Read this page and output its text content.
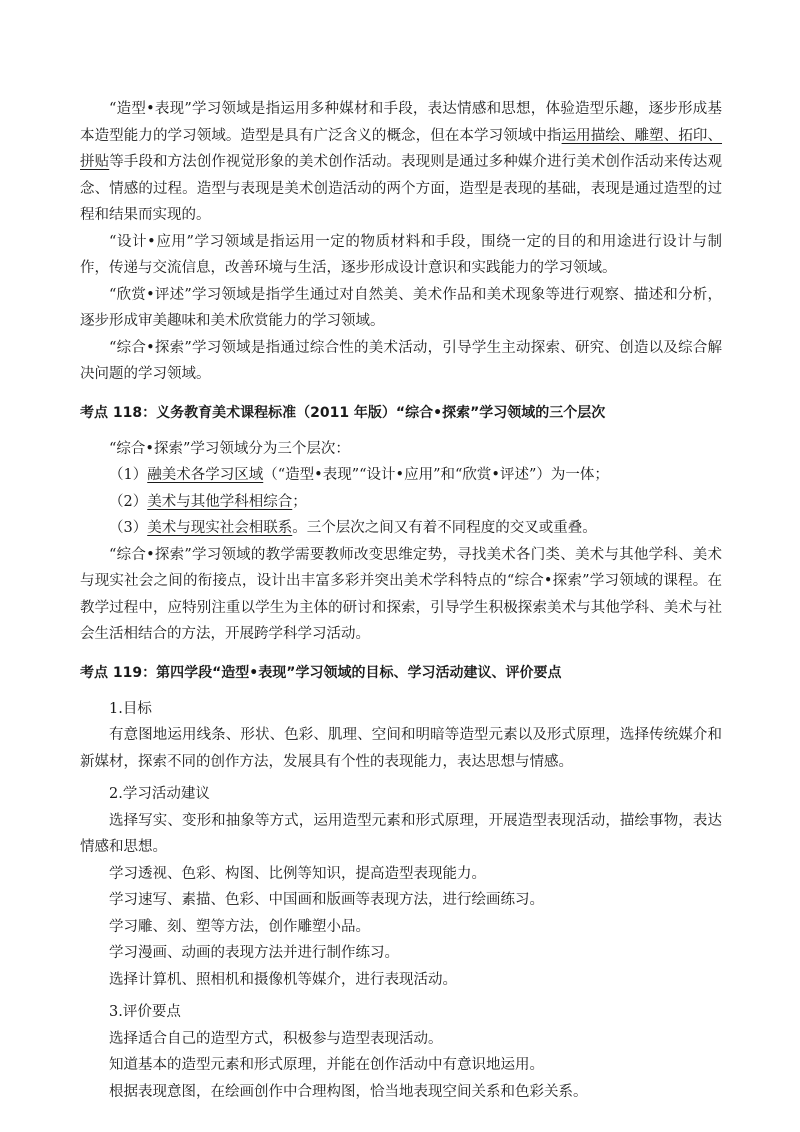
“造型•表现”学习领域是指运用多种媒材和手段，表达情感和思想，体验造型乐趣，逐步形成基本造型能力的学习领域。造型是具有广泛含义的概念，但在本学习领域中指运用描绘、雕塑、拓印、拼贴等手段和方法创作视觉形象的美术创作活动。表现则是通过多种媒介进行美术创作活动来传达观念、情感的过程。造型与表现是美术创造活动的两个方面，造型是表现的基础，表现是通过造型的过程和结果而实现的。

“设计•应用”学习领域是指运用一定的物质材料和手段，围绕一定的目的和用途进行设计与制作，传递与交流信息，改善环境与生活，逐步形成设计意识和实践能力的学习领域。

“欣赏•评述”学习领域是指学生通过对自然美、美术作品和美术现象等进行观察、描述和分析，逐步形成审美趣味和美术欣赏能力的学习领域。

“综合•探索”学习领域是指通过综合性的美术活动，引导学生主动探索、研究、创造以及综合解决问题的学习领域。

考点 118：义务教育美术课程标准（2011 年版）“综合•探索”学习领域的三个层次

“综合•探索”学习领域分为三个层次：

（1）融美术各学习区域（“造型•表现”“设计•应用”和“欣赏•评述”）为一体；

（2）美术与其他学科相综合；

（3）美术与现实社会相联系。三个层次之间又有着不同程度的交叉或重叠。

“综合•探索”学习领域的教学需要教师改变思维定势，寻找美术各门类、美术与其他学科、美术与现实社会之间的衔接点，设计出丰富多彩并突出美术学科特点的“综合•探索”学习领域的课程。在教学过程中，应特别注重以学生为主体的研讨和探索，引导学生积极探索美术与其他学科、美术与社会生活相结合的方法，开展跨学科学习活动。

考点 119：第四学段“造型•表现”学习领域的目标、学习活动建议、评价要点

1.目标

有意图地运用线条、形状、色彩、肌理、空间和明暗等造型元素以及形式原理，选择传统媒介和新媒材，探索不同的创作方法，发展具有个性的表现能力，表达思想与情感。

2.学习活动建议

选择写实、变形和抽象等方式，运用造型元素和形式原理，开展造型表现活动，描绘事物，表达情感和思想。

学习透视、色彩、构图、比例等知识，提高造型表现能力。

学习速写、素描、色彩、中国画和版画等表现方法，进行绘画练习。

学习雕、刻、塑等方法，创作雕塑小品。

学习漫画、动画的表现方法并进行制作练习。

选择计算机、照相机和摄像机等媒介，进行表现活动。

3.评价要点

选择适合自己的造型方式，积极参与造型表现活动。

知道基本的造型元素和形式原理，并能在创作活动中有意识地运用。

根据表现意图，在绘画创作中合理构图，恰当地表现空间关系和色彩关系。
